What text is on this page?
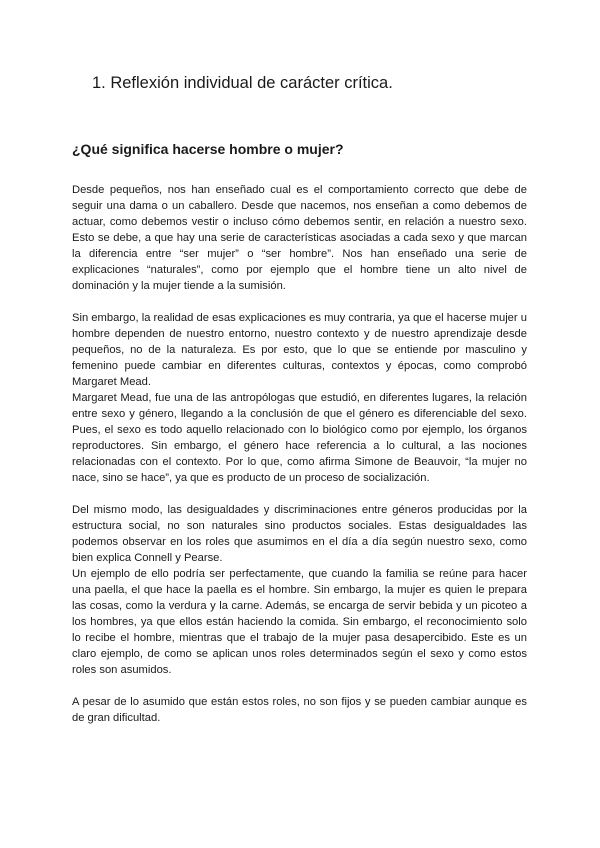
1. Reflexión individual de carácter crítica.
¿Qué significa hacerse hombre o mujer?

Desde pequeños, nos han enseñado cual es el comportamiento correcto que debe de seguir una dama o un caballero. Desde que nacemos, nos enseñan a como debemos de actuar, como debemos vestir o incluso cómo debemos sentir, en relación a nuestro sexo. Esto se debe, a que hay una serie de características asociadas a cada sexo y que marcan la diferencia entre “ser mujer” o “ser hombre”. Nos han enseñado una serie de explicaciones “naturales”, como por ejemplo que el hombre tiene un alto nivel de dominación y la mujer tiende a la sumisión.

Sin embargo, la realidad de esas explicaciones es muy contraria, ya que el hacerse mujer u hombre dependen de nuestro entorno, nuestro contexto y de nuestro aprendizaje desde pequeños, no de la naturaleza. Es por esto, que lo que se entiende por masculino y femenino puede cambiar en diferentes culturas, contextos y épocas, como comprobó Margaret Mead.

Margaret Mead, fue una de las antropólogas que estudió, en diferentes lugares, la relación entre sexo y género, llegando a la conclusión de que el género es diferenciable del sexo. Pues, el sexo es todo aquello relacionado con lo biológico como por ejemplo, los órganos reproductores. Sin embargo, el género hace referencia a lo cultural, a las nociones relacionadas con el contexto. Por lo que, como afirma Simone de Beauvoir, “la mujer no nace, sino se hace”, ya que es producto de un proceso de socialización.

Del mismo modo, las desigualdades y discriminaciones entre géneros producidas por la estructura social, no son naturales sino productos sociales. Estas desigualdades las podemos observar en los roles que asumimos en el día a día según nuestro sexo, como bien explica Connell y Pearse.

Un ejemplo de ello podría ser perfectamente, que cuando la familia se reúne para hacer una paella, el que hace la paella es el hombre. Sin embargo, la mujer es quien le prepara las cosas, como la verdura y la carne. Además, se encarga de servir bebida y un picoteo a los hombres, ya que ellos están haciendo la comida. Sin embargo, el reconocimiento solo lo recibe el hombre, mientras que el trabajo de la mujer pasa desapercibido. Este es un claro ejemplo, de como se aplican unos roles determinados según el sexo y como estos roles son asumidos.

A pesar de lo asumido que están estos roles, no son fijos y se pueden cambiar aunque es de gran dificultad.
